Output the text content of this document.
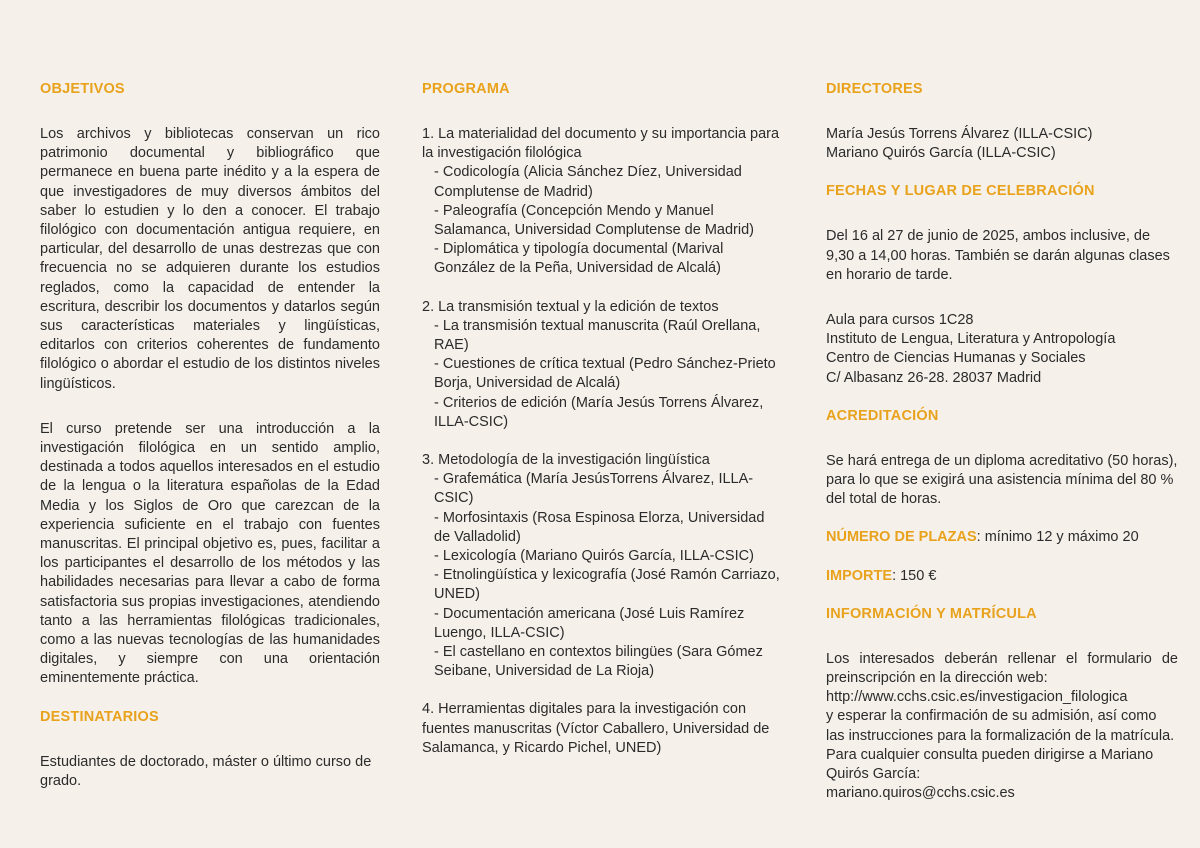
OBJETIVOS

Los archivos y bibliotecas conservan un rico patrimonio documental y bibliográfico que permanece en buena parte inédito y a la espera de que investigadores de muy diversos ámbitos del saber lo estudien y lo den a conocer. El trabajo filológico con documentación antigua requiere, en particular, del desarrollo de unas destrezas que con frecuencia no se adquieren durante los estudios reglados, como la capacidad de entender la escritura, describir los documentos y datarlos según sus características materiales y lingüísticas, editarlos con criterios coherentes de fundamento filológico o abordar el estudio de los distintos niveles lingüísticos.

El curso pretende ser una introducción a la investigación filológica en un sentido amplio, destinada a todos aquellos interesados en el estudio de la lengua o la literatura españolas de la Edad Media y los Siglos de Oro que carezcan de la experiencia suficiente en el trabajo con fuentes manuscritas. El principal objetivo es, pues, facilitar a los participantes el desarrollo de los métodos y las habilidades necesarias para llevar a cabo de forma satisfactoria sus propias investigaciones, atendiendo tanto a las herramientas filológicas tradicionales, como a las nuevas tecnologías de las humanidades digitales, y siempre con una orientación eminentemente práctica.

DESTINATARIOS

Estudiantes de doctorado, máster o último curso de grado.

PROGRAMA

1. La materialidad del documento y su importancia para la investigación filológica

- Codicología (Alicia Sánchez Díez, Universidad Complutense de Madrid)

- Paleografía (Concepción Mendo y Manuel Salamanca, Universidad Complutense de Madrid)

- Diplomática y tipología documental (Marival González de la Peña, Universidad de Alcalá)

2. La transmisión textual y la edición de textos

- La transmisión textual manuscrita (Raúl Orellana, RAE)

- Cuestiones de crítica textual (Pedro Sánchez-Prieto Borja, Universidad de Alcalá)

- Criterios de edición (María Jesús Torrens Álvarez, ILLA-CSIC)

3. Metodología de la investigación lingüística

- Grafemática (María JesúsTorrens Álvarez, ILLA-CSIC)

- Morfosintaxis (Rosa Espinosa Elorza, Universidad de Valladolid)

- Lexicología (Mariano Quirós García, ILLA-CSIC)

- Etnolingüística y lexicografía (José Ramón Carriazo, UNED)

- Documentación americana (José Luis Ramírez Luengo, ILLA-CSIC)

- El castellano en contextos bilingües (Sara Gómez Seibane, Universidad de La Rioja)

4. Herramientas digitales para la investigación con fuentes manuscritas (Víctor Caballero, Universidad de Salamanca, y Ricardo Pichel, UNED)

DIRECTORES

María Jesús Torrens Álvarez (ILLA-CSIC)

Mariano Quirós García (ILLA-CSIC)

FECHAS Y LUGAR DE CELEBRACIÓN

Del 16 al 27 de junio de 2025, ambos inclusive, de 9,30 a 14,00 horas. También se darán algunas clases en horario de tarde.

Aula para cursos 1C28

Instituto de Lengua, Literatura y Antropología

Centro de Ciencias Humanas y Sociales

C/ Albasanz 26-28. 28037 Madrid

ACREDITACIÓN

Se hará entrega de un diploma acreditativo (50 horas), para lo que se exigirá una asistencia mínima del 80 % del total de horas.

NÚMERO DE PLAZAS: mínimo 12 y máximo 20

IMPORTE: 150 €

INFORMACIÓN Y MATRÍCULA

Los interesados deberán rellenar el formulario de preinscripción en la dirección web:

http://www.cchs.csic.es/investigacion_filologica

y esperar la confirmación de su admisión, así como las instrucciones para la formalización de la matrícula.

Para cualquier consulta pueden dirigirse a Mariano Quirós García:

mariano.quiros@cchs.csic.es
